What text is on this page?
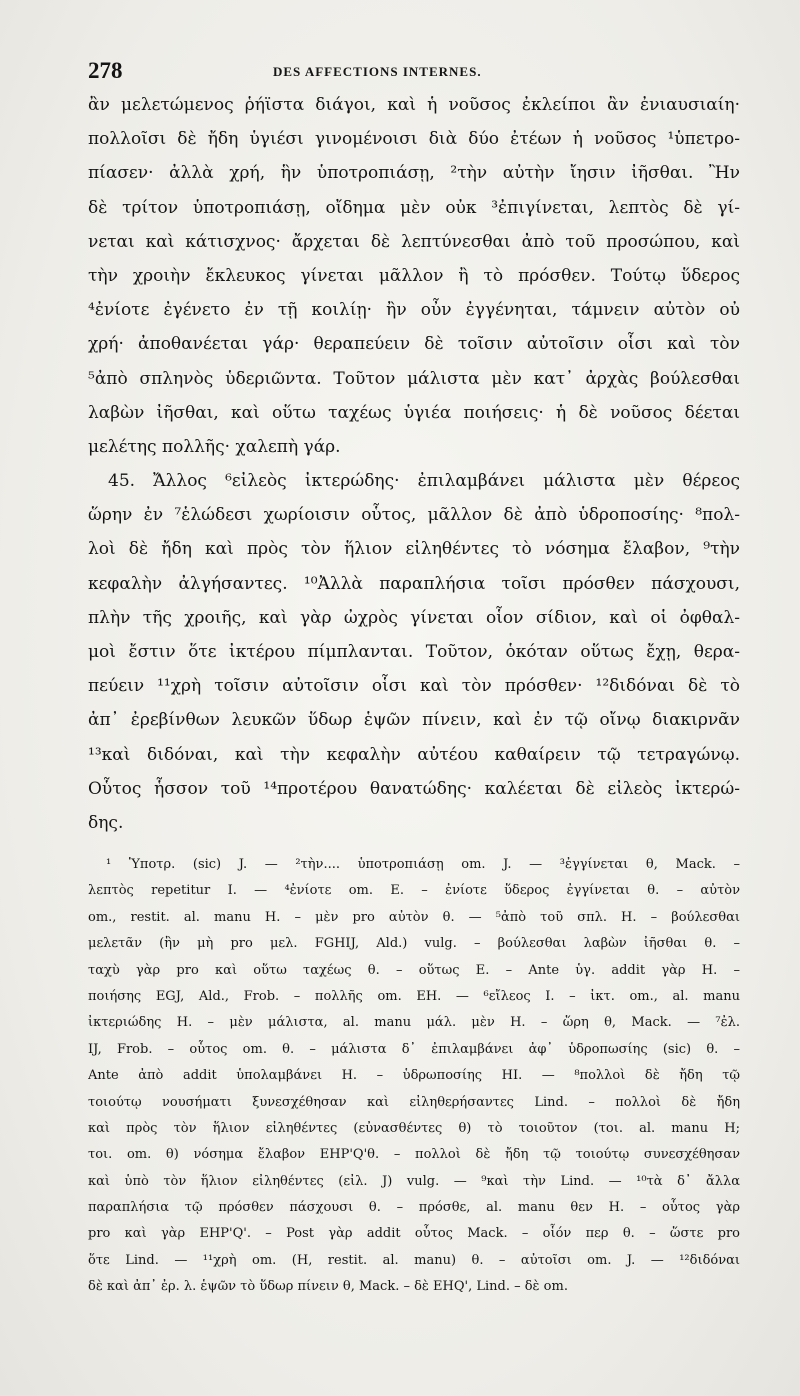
278	DES AFFECTIONS INTERNES.
ἂν μελετώμενος ῥήϊστα διάγοι, καὶ ἡ νοῦσος ἐκλείποι ἂν ἐνιαυσιαίη·
πολλοῖσι δὲ ἤδη ὑγιέσι γινομένοισι διὰ δύο ἐτέων ἡ νοῦσος ¹ὑπετρο-
πίασεν· ἀλλὰ χρή, ἣν ὑποτροπιάσῃ, ²τὴν αὐτὴν ἴησιν ἰῆσθαι. Ἢν
δὲ τρίτον ὑποτροπιάσῃ, οἴδημα μὲν οὐκ ³ἐπιγίνεται, λεπτὸς δὲ γί-
νεται καὶ κάτισχνος· ἄρχεται δὲ λεπτύνεσθαι ἀπὸ τοῦ προσώπου, καὶ
τὴν χροιὴν ἔκλευκος γίνεται μᾶλλον ἢ τὸ πρόσθεν. Τούτῳ ὕδερος
⁴ἐνίοτε ἐγένετο ἐν τῇ κοιλίῃ· ἢν οὖν ἐγγένηται, τάμνειν αὐτὸν οὐ
χρή· ἀποθανέεται γάρ· θεραπεύειν δὲ τοῖσιν αὐτοῖσιν οἷσι καὶ τὸν
⁵ἀπὸ σπληνὸς ὑδεριῶντα. Τοῦτον μάλιστα μὲν κατ᾽ ἀρχὰς βούλεσθαι
λαβὼν ἰῆσθαι, καὶ οὕτω ταχέως ὑγιέα ποιήσεις· ἡ δὲ νοῦσος δέεται
μελέτης πολλῆς· χαλεπὴ γάρ.
45. Ἄλλος ⁶εἰλεὸς ἰκτερώδης· ἐπιλαμβάνει μάλιστα μὲν θέρεος
ὥρην ἐν ⁷ἑλώδεσι χωρίοισιν οὗτος, μᾶλλον δὲ ἀπὸ ὑδροποσίης· ⁸πολ-
λοὶ δὲ ἤδη καὶ πρὸς τὸν ἥλιον εἰληθέντες τὸ νόσημα ἔλαβον, ⁹τὴν
κεφαλὴν ἀλγήσαντες. ¹⁰Ἀλλὰ παραπλήσια τοῖσι πρόσθεν πάσχουσι,
πλὴν τῆς χροιῆς, καὶ γὰρ ὠχρὸς γίνεται οἷον σίδιον, καὶ οἱ ὀφθαλ-
μοὶ ἔστιν ὅτε ἰκτέρου πίμπλανται. Τοῦτον, ὁκόταν οὕτως ἔχῃ, θερα-
πεύειν ¹¹χρὴ τοῖσιν αὐτοῖσιν οἷσι καὶ τὸν πρόσθεν· ¹²διδόναι δὲ τὸ
ἀπ᾽ ἐρεβίνθων λευκῶν ὕδωρ ἑψῶν πίνειν, καὶ ἐν τῷ οἴνῳ διακιρνᾶν
¹³καὶ διδόναι, καὶ τὴν κεφαλὴν αὐτέου καθαίρειν τῷ τετραγώνῳ.
Οὗτος ἧσσον τοῦ ¹⁴προτέρου θανατώδης· καλέεται δὲ εἰλεὸς ἰκτερώ-
δης.
¹ Ὑποτρ. (sic) J. — ²τὴν.... ὑποτροπιάσῃ om. J. — ³ἐγγίνεται θ, Mack. –
λεπτὸς repetitur I. — ⁴ἐνίοτε om. E. – ἐνίοτε ὕδερος ἐγγίνεται θ. – αὐτὸν
om., restit. al. manu H. – μὲν pro αὐτὸν θ. — ⁵ἀπὸ τοῦ σπλ. H. – βούλεσθαι
μελετᾶν (ἣν μὴ pro μελ. FGHIJ, Ald.) vulg. – βούλεσθαι λαβὼν ἰῆσθαι θ. –
ταχὺ γὰρ pro καὶ οὕτω ταχέως θ. – οὕτως E. – Ante ὑγ. addit γὰρ H. –
ποιήσης EGJ, Ald., Frob. – πολλῆς om. EH. — ⁶εἴλεος I. – ἰκτ. om., al. manu
ἰκτεριώδης H. – μὲν μάλιστα, al. manu μάλ. μὲν H. – ὥρη θ, Mack. — ⁷ἐλ.
IJ, Frob. – οὗτος om. θ. – μάλιστα δ᾽ ἐπιλαμβάνει ἀφ᾽ ὑδροπωσίης (sic) θ. –
Ante ἀπὸ addit ὑπολαμβάνει H. – ὑδρωποσίης HI. — ⁸πολλοὶ δὲ ἤδη τῷ
τοιούτῳ νουσήματι ξυνεσχέθησαν καὶ εἰληθερήσαντες Lind. – πολλοὶ δὲ ἤδη
καὶ πρὸς τὸν ἥλιον εἰληθέντες (εὐνασθέντες θ) τὸ τοιοῦτον (τοι. al. manu H;
τοι. om. θ) νόσημα ἔλαβον EHP'Q'θ. – πολλοὶ δὲ ἤδη τῷ τοιούτῳ συνεσχέθησαν
καὶ ὑπὸ τὸν ἥλιον εἰληθέντες (εἰλ. J) vulg. — ⁹καὶ τὴν Lind. — ¹⁰τὰ δ᾽ ἄλλα
παραπλήσια τῷ πρόσθεν πάσχουσι θ. – πρόσθε, al. manu θεν H. – οὗτος γὰρ
pro καὶ γὰρ EHP'Q'. – Post γὰρ addit οὗτος Mack. – οἷόν περ θ. – ὥστε pro
ὅτε Lind. — ¹¹χρὴ om. (H, restit. al. manu) θ. – αὐτοῖσι om. J. — ¹²διδόναι
δὲ καὶ ἀπ᾽ ἐρ. λ. ἑψῶν τὸ ὕδωρ πίνειν θ, Mack. – δὲ EHQ', Lind. – δὲ om.
